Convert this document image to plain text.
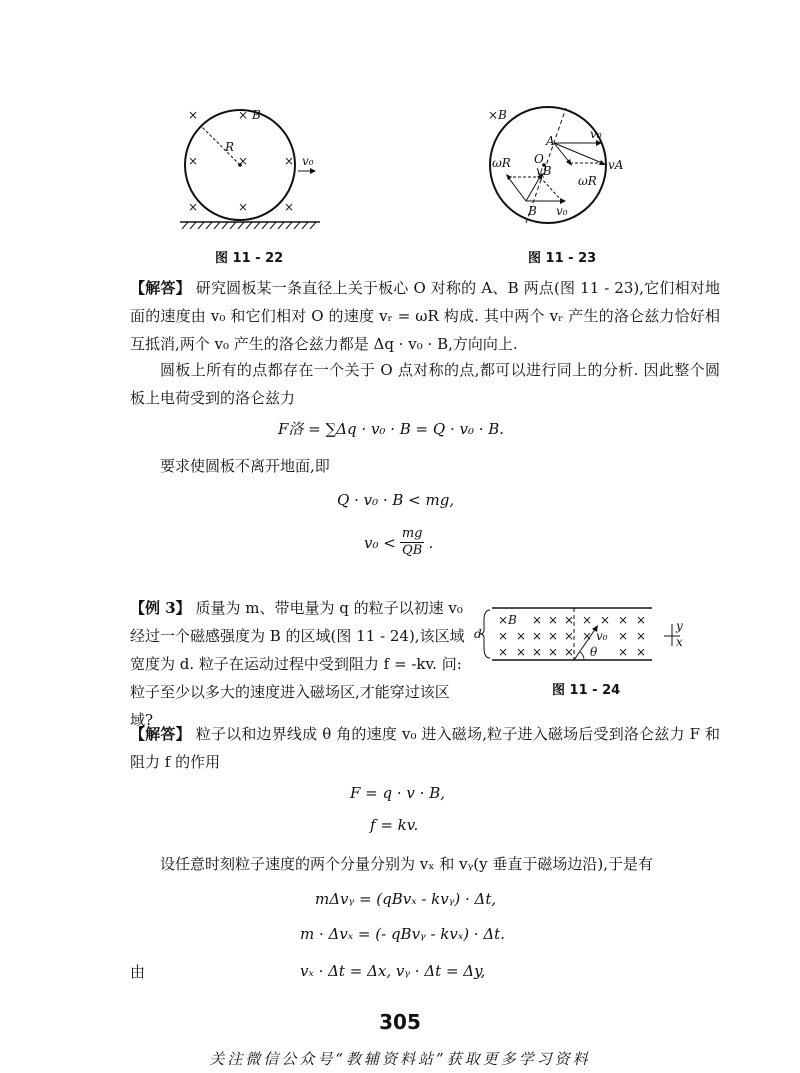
×	×
×	×	×
×	×	×
B
R
v₀
图 11 - 22
×B
A
O
B
v₀
vA
ωR
ωR
vB
v₀
图 11 - 23
【解答】 研究圆板某一条直径上关于板心 O 对称的 A、B 两点(图 11 - 23),它们相对地面的速度由 v₀ 和它们相对 O 的速度 vᵣ = ωR 构成. 其中两个 vᵣ 产生的洛仑兹力恰好相互抵消,两个 v₀ 产生的洛仑兹力都是 Δq · v₀ · B,方向向上.
圆板上所有的点都存在一个关于 O 点对称的点,都可以进行同上的分析. 因此整个圆板上电荷受到的洛仑兹力
F洛 = ∑Δq · v₀ · B = Q · v₀ · B.
要求使圆板不离开地面,即
Q · v₀ · B < mg,
v₀ < mg
QB .
【例 3】 质量为 m、带电量为 q 的粒子以初速 v₀ 经过一个磁感强度为 B 的区域(图 11 - 24),该区域宽度为 d. 粒子在运动过程中受到阻力 f = -kv. 问:粒子至少以多大的速度进入磁场区,才能穿过该区域?
× × × × × × × ×
× × × × × × × ×
× × × × ×	× ×
d
B
v₀
θ
y
x
图 11 - 24
【解答】 粒子以和边界线成 θ 角的速度 v₀ 进入磁场,粒子进入磁场后受到洛仑兹力 F 和阻力 f 的作用
F = q · v · B,
f = kv.
设任意时刻粒子速度的两个分量分别为 vₓ 和 vᵧ(y 垂直于磁场边沿),于是有
mΔvᵧ = (qBvₓ - kvᵧ) · Δt,
m · Δvₓ = (- qBvᵧ - kvₓ) · Δt.
由	vₓ · Δt = Δx, vᵧ · Δt = Δy,
305
关注微信公众号“教辅资料站”获取更多学习资料
